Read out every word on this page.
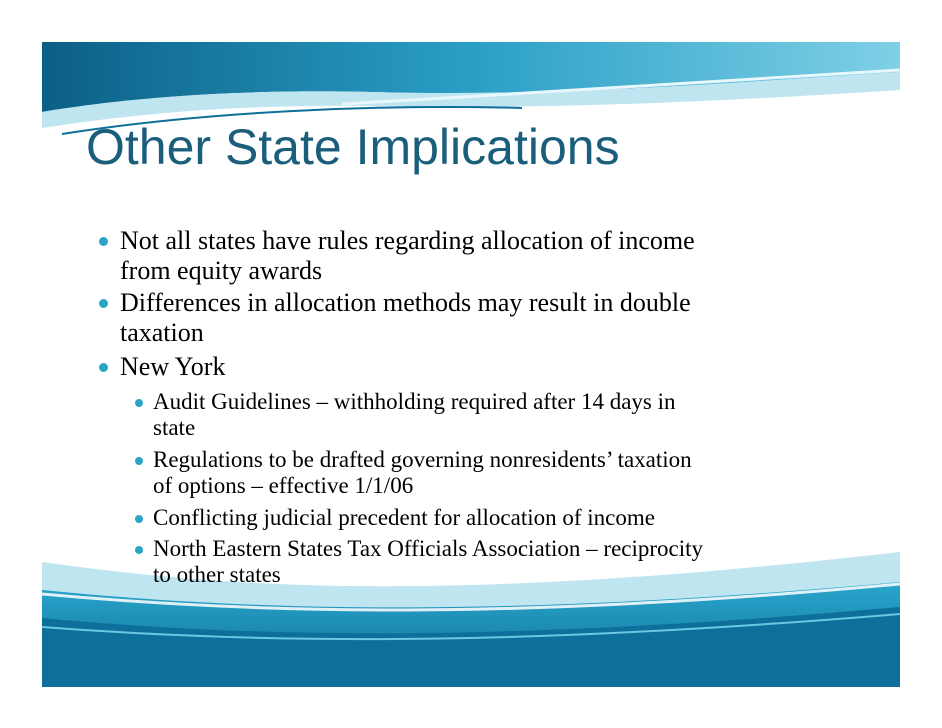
Other State Implications
Not all states have rules regarding allocation of income
from equity awards
Differences in allocation methods may result in double
taxation
New York
Audit Guidelines – withholding required after 14 days in
state
Regulations to be drafted governing nonresidents’ taxation
of options – effective 1/1/06
Conflicting judicial precedent for allocation of income
North Eastern States Tax Officials Association – reciprocity
to other states
